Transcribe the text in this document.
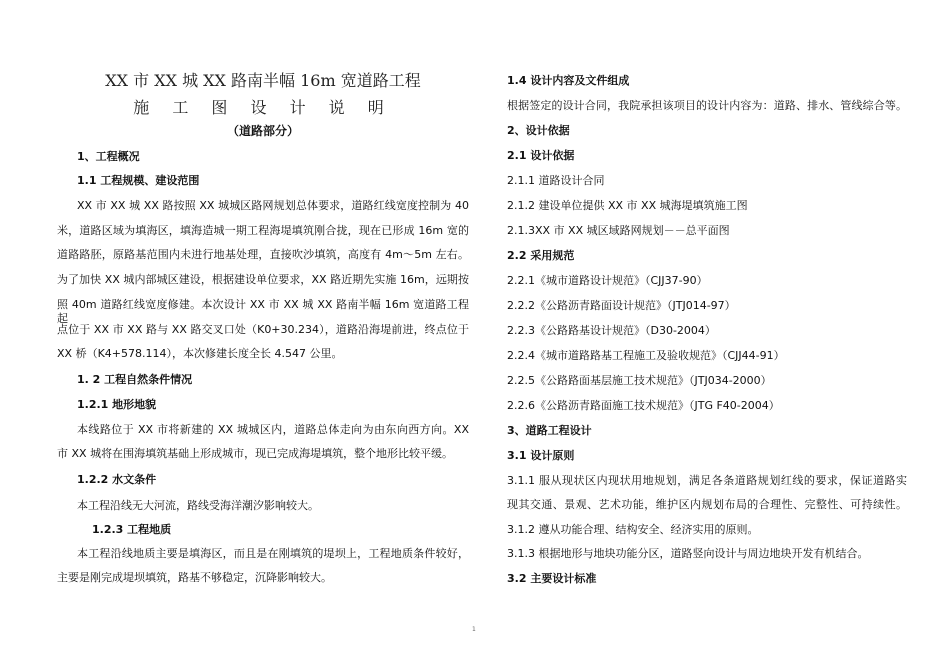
XX 市 XX 城 XX 路南半幅 16m 宽道路工程
施 工 图 设 计 说 明
（道路部分）
1、工程概况
1.1 工程规模、建设范围
XX 市 XX 城 XX 路按照 XX 城城区路网规划总体要求，道路红线宽度控制为 40
米，道路区域为填海区，填海造城一期工程海堤填筑刚合拢，现在已形成 16m 宽的
道路路胚，原路基范围内未进行地基处理，直接吹沙填筑，高度有 4m～5m 左右。
为了加快 XX 城内部城区建设，根据建设单位要求，XX 路近期先实施 16m，远期按
照 40m 道路红线宽度修建。本次设计 XX 市 XX 城 XX 路南半幅 16m 宽道路工程起
点位于 XX 市 XX 路与 XX 路交叉口处（K0+30.234），道路沿海堤前进，终点位于
XX 桥（K4+578.114），本次修建长度全长 4.547 公里。
1. 2 工程自然条件情况
1.2.1 地形地貌
本线路位于 XX 市将新建的 XX 城城区内，道路总体走向为由东向西方向。XX
市 XX 城将在围海填筑基础上形成城市，现已完成海堤填筑，整个地形比较平缓。
1.2.2 水文条件
本工程沿线无大河流，路线受海洋潮汐影响较大。
1.2.3 工程地质
本工程沿线地质主要是填海区，而且是在刚填筑的堤坝上，工程地质条件较好，
主要是刚完成堤坝填筑，路基不够稳定，沉降影响较大。
1.4 设计内容及文件组成
根据签定的设计合同，我院承担该项目的设计内容为：道路、排水、管线综合等。
2、设计依据
2.1 设计依据
2.1.1 道路设计合同
2.1.2 建设单位提供 XX 市 XX 城海堤填筑施工图
2.1.3XX 市 XX 城区域路网规划－－总平面图
2.2 采用规范
2.2.1《城市道路设计规范》（CJJ37-90）
2.2.2《公路沥青路面设计规范》（JTJ014-97）
2.2.3《公路路基设计规范》（D30-2004）
2.2.4《城市道路路基工程施工及验收规范》（CJJ44-91）
2.2.5《公路路面基层施工技术规范》（JTJ034-2000）
2.2.6《公路沥青路面施工技术规范》（JTG F40-2004）
3、道路工程设计
3.1 设计原则
3.1.1 服从现状区内现状用地规划，满足各条道路规划红线的要求，保证道路实
现其交通、景观、艺术功能，维护区内规划布局的合理性、完整性、可持续性。
3.1.2 遵从功能合理、结构安全、经济实用的原则。
3.1.3 根据地形与地块功能分区，道路竖向设计与周边地块开发有机结合。
3.2 主要设计标准
1
